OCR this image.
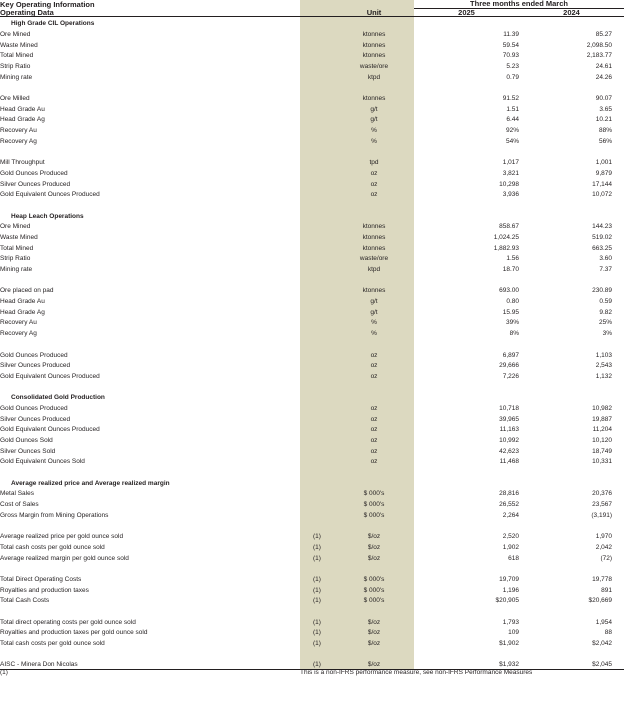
Key Operating Information			Three months ended March	
Operating Data		Unit	2025	2024
High Grade CIL Operations				
Ore Mined		ktonnes	11.39	85.27
Waste Mined		ktonnes	59.54	2,098.50
Total Mined		ktonnes	70.93	2,183.77
Strip Ratio		waste/ore	5.23	24.61
Mining rate		ktpd	0.79	24.26

Ore Milled		ktonnes	91.52	90.07
Head Grade Au		g/t	1.51	3.65
Head Grade Ag		g/t	6.44	10.21
Recovery Au		%	92%	88%
Recovery Ag		%	54%	56%

Mill Throughput		tpd	1,017	1,001
Gold Ounces Produced		oz	3,821	9,879
Silver Ounces Produced		oz	10,298	17,144
Gold Equivalent Ounces Produced		oz	3,936	10,072

Heap Leach Operations				
Ore Mined		ktonnes	858.67	144.23
Waste Mined		ktonnes	1,024.25	519.02
Total Mined		ktonnes	1,882.93	663.25
Strip Ratio		waste/ore	1.56	3.60
Mining rate		ktpd	18.70	7.37

Ore placed on pad		ktonnes	693.00	230.89
Head Grade Au		g/t	0.80	0.59
Head Grade Ag		g/t	15.95	9.82
Recovery Au		%	39%	25%
Recovery Ag		%	8%	3%

Gold Ounces Produced		oz	6,897	1,103
Silver Ounces Produced		oz	29,666	2,543
Gold Equivalent Ounces Produced		oz	7,226	1,132

Consolidated Gold Production				
Gold Ounces Produced		oz	10,718	10,982
Silver Ounces Produced		oz	39,965	19,887
Gold Equivalent Ounces Produced		oz	11,163	11,204
Gold Ounces Sold		oz	10,992	10,120
Silver Ounces Sold		oz	42,623	18,749
Gold Equivalent Ounces Sold		oz	11,468	10,331

Average realized price and Average realized margin				
Metal Sales		$ 000's	28,816	20,376
Cost of Sales		$ 000's	26,552	23,567
Gross Margin from Mining Operations		$ 000's	2,264	(3,191)

Average realized price per gold ounce sold	(1)	$/oz	2,520	1,970
Total cash costs per gold ounce sold	(1)	$/oz	1,902	2,042
Average realized margin per gold ounce sold	(1)	$/oz	618	(72)

Total Direct Operating Costs	(1)	$ 000's	19,709	19,778
Royalties and production taxes	(1)	$ 000's	1,196	891
Total Cash Costs	(1)	$ 000's	$20,905	$20,669

Total direct operating costs per gold ounce sold	(1)	$/oz	1,793	1,954
Royalties and production taxes per gold ounce sold	(1)	$/oz	109	88
Total cash costs per gold ounce sold	(1)	$/oz	$1,902	$2,042

AISC - Minera Don Nicolas	(1)	$/oz	$1,932	$2,045
(1)	This is a non-IFRS performance measure, see non-IFRS Performance Measures			
